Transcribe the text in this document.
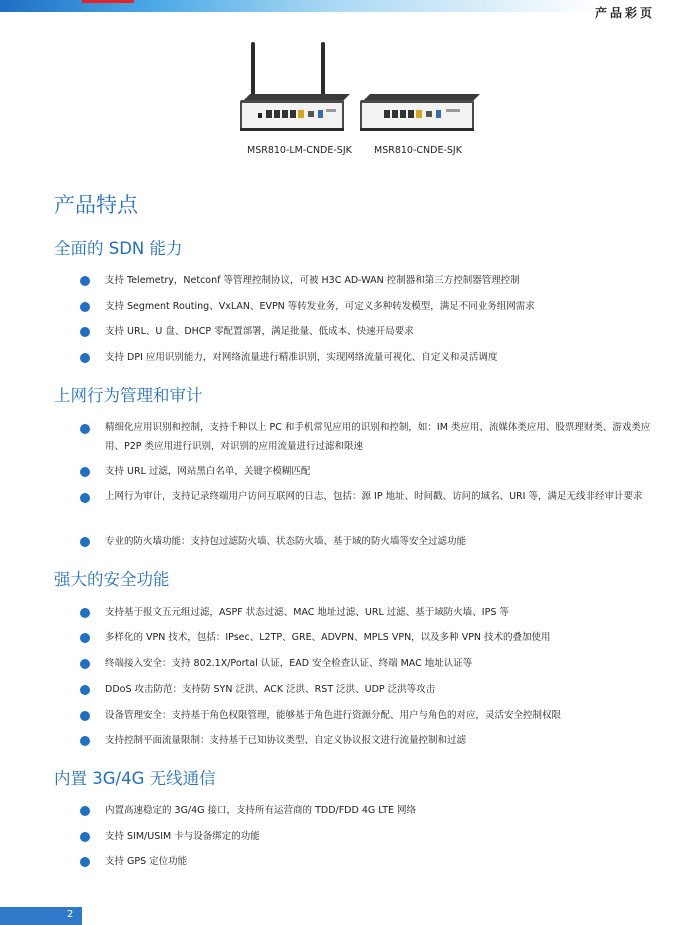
产品彩页
MSR810-LM-CNDE-SJK MSR810-CNDE-SJK
产品特点
全面的 SDN 能力
支持 Telemetry，Netconf 等管理控制协议，可被 H3C AD-WAN 控制器和第三方控制器管理控制
支持 Segment Routing、VxLAN、EVPN 等转发业务，可定义多种转发模型，满足不同业务组网需求
支持 URL、U 盘、DHCP 零配置部署，满足批量、低成本、快速开局要求
支持 DPI 应用识别能力，对网络流量进行精准识别，实现网络流量可视化、自定义和灵活调度
上网行为管理和审计
精细化应用识别和控制，支持千种以上 PC 和手机常见应用的识别和控制，如：IM 类应用、流媒体类应用、股票理财类、游戏类应用、P2P 类应用进行识别，对识别的应用流量进行过滤和限速
支持 URL 过滤，网站黑白名单，关键字模糊匹配
上网行为审计，支持记录终端用户访问互联网的日志，包括：源 IP 地址、时间戳、访问的域名、URI 等，满足无线非经审计要求
专业的防火墙功能：支持包过滤防火墙、状态防火墙、基于域的防火墙等安全过滤功能
强大的安全功能
支持基于报文五元组过滤，ASPF 状态过滤、MAC 地址过滤、URL 过滤、基于域防火墙、IPS 等
多样化的 VPN 技术，包括：IPsec、L2TP、GRE、ADVPN、MPLS VPN，以及多种 VPN 技术的叠加使用
终端接入安全：支持 802.1X/Portal 认证，EAD 安全检查认证、终端 MAC 地址认证等
DDoS 攻击防范：支持防 SYN 泛洪、ACK 泛洪、RST 泛洪、UDP 泛洪等攻击
设备管理安全：支持基于角色权限管理，能够基于角色进行资源分配、用户与角色的对应，灵活安全控制权限
支持控制平面流量限制：支持基于已知协议类型、自定义协议报文进行流量控制和过滤
内置 3G/4G 无线通信
内置高速稳定的 3G/4G 接口，支持所有运营商的 TDD/FDD 4G LTE 网络
支持 SIM/USIM 卡与设备绑定的功能
支持 GPS 定位功能
2
